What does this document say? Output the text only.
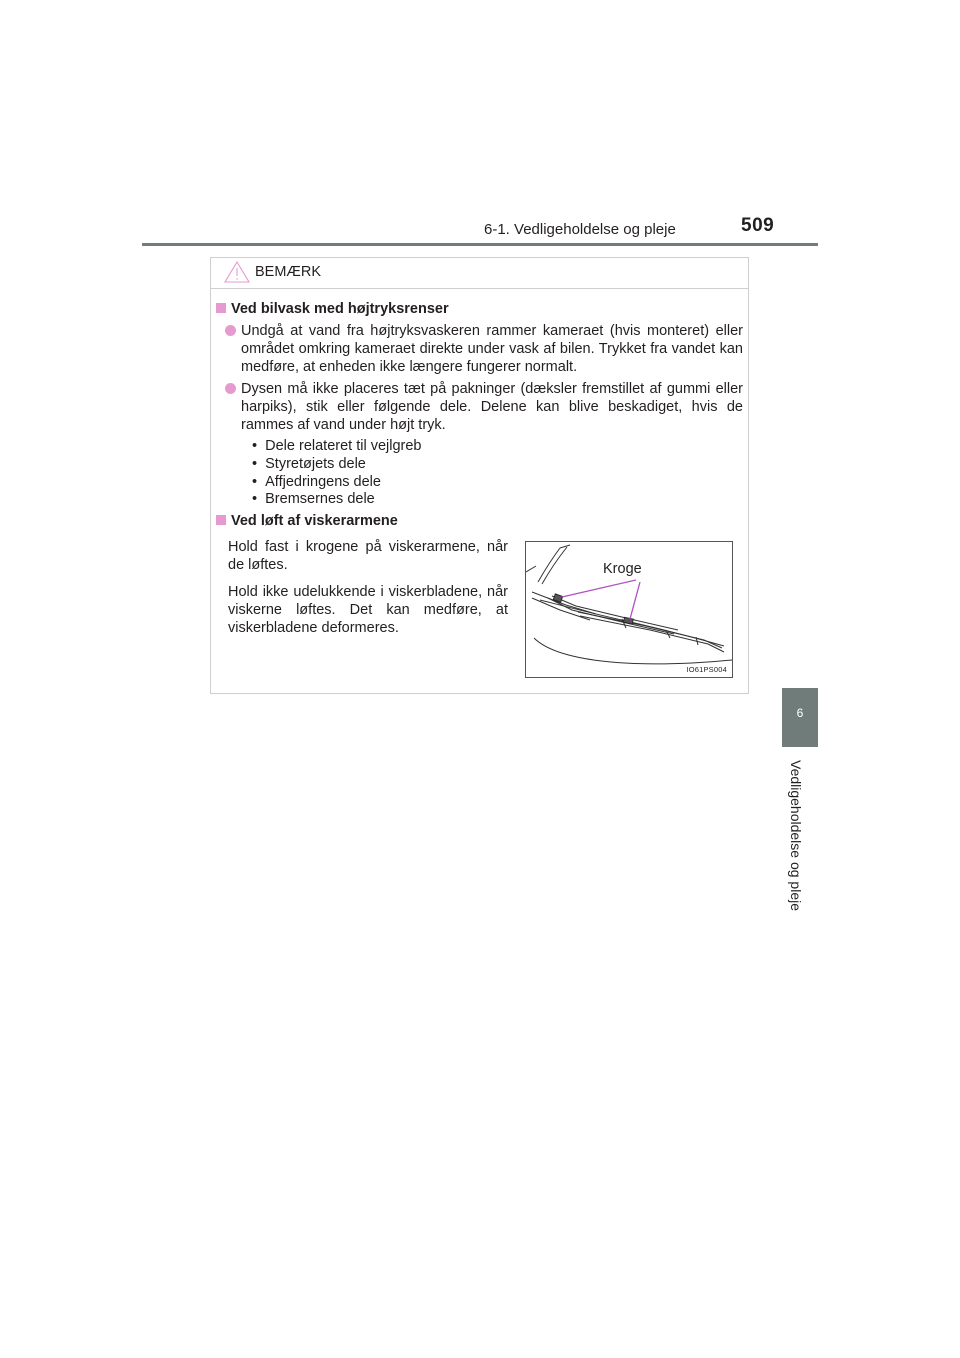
6-1. Vedligeholdelse og pleje	509
6
Vedligeholdelse og pleje
BEMÆRK
Ved bilvask med højtryksrenser
Undgå at vand fra højtryksvaskeren rammer kameraet (hvis monteret) eller området omkring kameraet direkte under vask af bilen. Trykket fra vandet kan medføre, at enheden ikke længere fungerer normalt.
Dysen må ikke placeres tæt på pakninger (dæksler fremstillet af gummi eller harpiks), stik eller følgende dele. Delene kan blive beskadiget, hvis de rammes af vand under højt tryk.
•  Dele relateret til vejlgreb
•  Styretøjets dele
•  Affjedringens dele
•  Bremsernes dele
Ved løft af viskerarmene
Hold fast i krogene på viskerarmene, når de løftes.
Hold ikke udelukkende i viskerbladene, når viskerne løftes. Det kan medføre, at viskerbladene deformeres.
Kroge
IO61PS004
